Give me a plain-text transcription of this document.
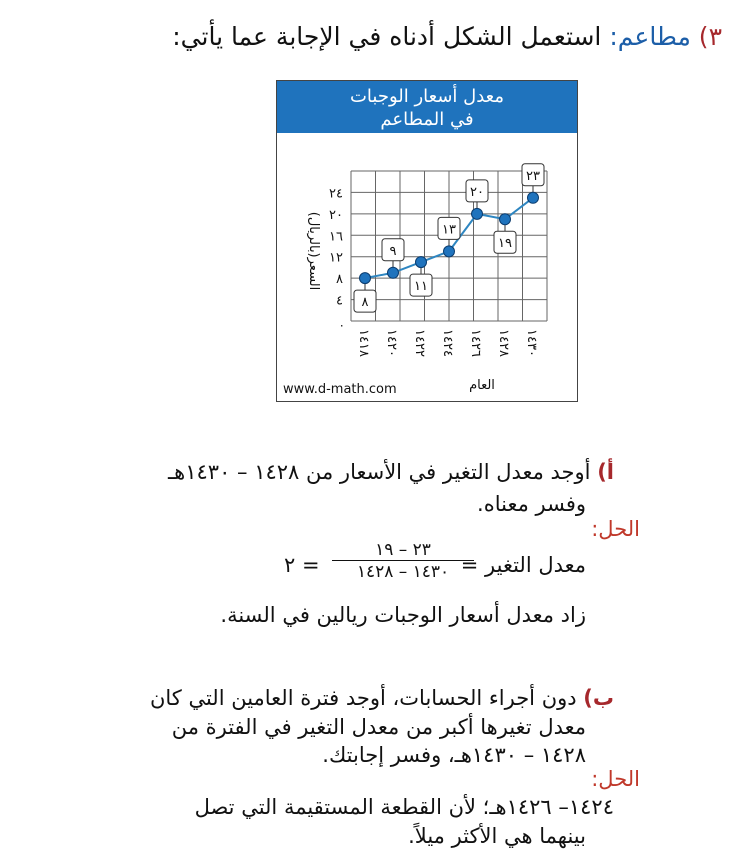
٣) مطاعم: استعمل الشكل أدناه في الإجابة عما يأتي:
معدل أسعار الوجبات
في المطاعم
السعر(بالريال)
٤
٨
١٢
١٦
٢٠
٢٤
٠
١٤١٨ ١٤٢٠ ١٤٢٢ ١٤٢٤ ١٤٢٦ ١٤٢٨ ١٤٣٠
٨
٩
١١
١٣
٢٠
١٩
٢٣
العام
www.d-math.com
أ) أوجد معدل التغير في الأسعار من ١٤٢٨ – ١٤٣٠هـ
وفسر معناه.
الحل:
معدل التغير =
٢٣ – ١٩
١٤٣٠ – ١٤٢٨
= ٢
زاد معدل أسعار الوجبات ريالين في السنة.
ب) دون أجراء الحسابات، أوجد فترة العامين التي كان
معدل تغيرها أكبر من معدل التغير في الفترة من
١٤٢٨ – ١٤٣٠هـ، وفسر إجابتك.
الحل:
١٤٢٤– ١٤٢٦هـ؛ لأن القطعة المستقيمة التي تصل
بينهما هي الأكثر ميلاً.
